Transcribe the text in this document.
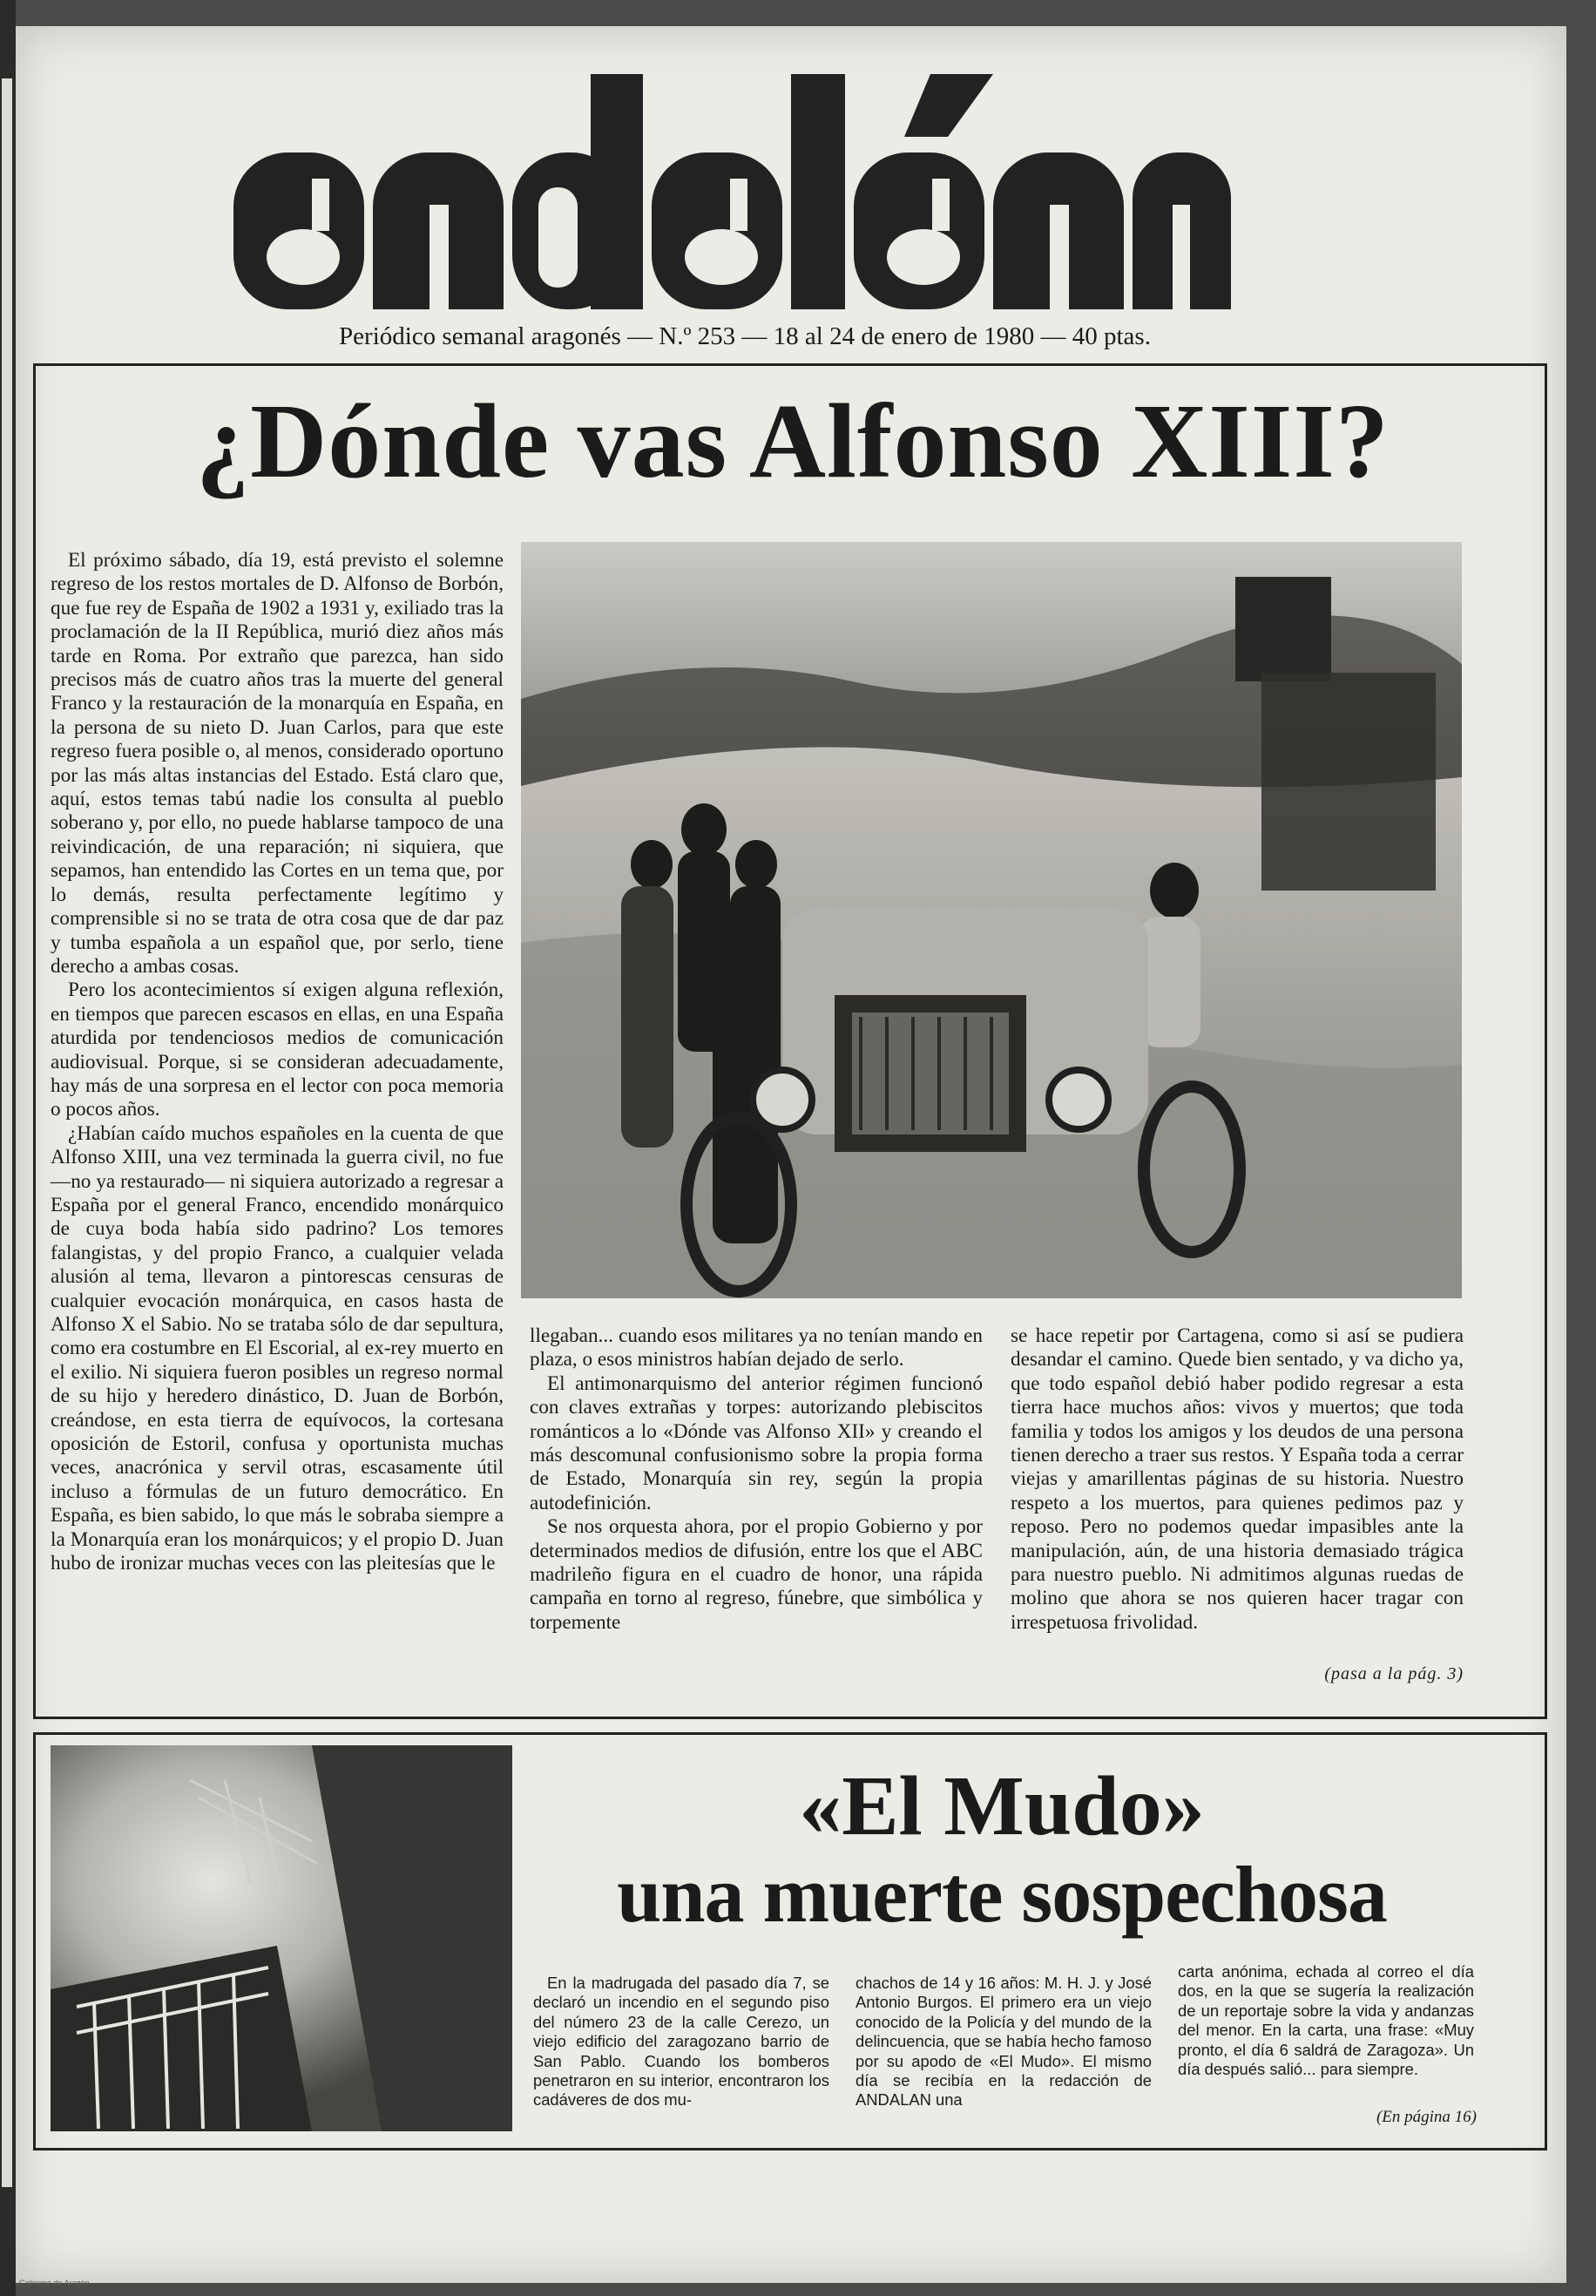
Periódico semanal aragonés — N.º 253 — 18 al 24 de enero de 1980 — 40 ptas.
¿Dónde vas Alfonso XIII?

El próximo sábado, día 19, está previsto el solemne regreso de los restos mortales de D. Alfonso de Borbón, que fue rey de España de 1902 a 1931 y, exiliado tras la proclamación de la II República, murió diez años más tarde en Roma. Por extraño que parezca, han sido precisos más de cuatro años tras la muerte del general Franco y la restauración de la monarquía en España, en la persona de su nieto D. Juan Carlos, para que este regreso fuera posible o, al menos, considerado oportuno por las más altas instancias del Estado. Está claro que, aquí, estos temas tabú nadie los consulta al pueblo soberano y, por ello, no puede hablarse tampoco de una reivindicación, de una reparación; ni siquiera, que sepamos, han entendido las Cortes en un tema que, por lo demás, resulta perfectamente legítimo y comprensible si no se trata de otra cosa que de dar paz y tumba española a un español que, por serlo, tiene derecho a ambas cosas.

Pero los acontecimientos sí exigen alguna reflexión, en tiempos que parecen escasos en ellas, en una España aturdida por tendenciosos medios de comunicación audiovisual. Porque, si se consideran adecuadamente, hay más de una sorpresa en el lector con poca memoria o pocos años.

¿Habían caído muchos españoles en la cuenta de que Alfonso XIII, una vez terminada la guerra civil, no fue —no ya restaurado— ni siquiera autorizado a regresar a España por el general Franco, encendido monárquico de cuya boda había sido padrino? Los temores falangistas, y del propio Franco, a cualquier velada alusión al tema, llevaron a pintorescas censuras de cualquier evocación monárquica, en casos hasta de Alfonso X el Sabio. No se trataba sólo de dar sepultura, como era costumbre en El Escorial, al ex-rey muerto en el exilio. Ni siquiera fueron posibles un regreso normal de su hijo y heredero dinástico, D. Juan de Borbón, creándose, en esta tierra de equívocos, la cortesana oposición de Estoril, confusa y oportunista muchas veces, anacrónica y servil otras, escasamente útil incluso a fórmulas de un futuro democrático. En España, es bien sabido, lo que más le sobraba siempre a la Monarquía eran los monárquicos; y el propio D. Juan hubo de ironizar muchas veces con las pleitesías que le

llegaban... cuando esos militares ya no tenían mando en plaza, o esos ministros habían dejado de serlo.

El antimonarquismo del anterior régimen funcionó con claves extrañas y torpes: autorizando plebiscitos románticos a lo «Dónde vas Alfonso XII» y creando el más descomunal confusionismo sobre la propia forma de Estado, Monarquía sin rey, según la propia autodefinición.

Se nos orquesta ahora, por el propio Gobierno y por determinados medios de difusión, entre los que el ABC madrileño figura en el cuadro de honor, una rápida campaña en torno al regreso, fúnebre, que simbólica y torpemente

se hace repetir por Cartagena, como si así se pudiera desandar el camino. Quede bien sentado, y va dicho ya, que todo español debió haber podido regresar a esta tierra hace muchos años: vivos y muertos; que toda familia y todos los amigos y los deudos de una persona tienen derecho a traer sus restos. Y España toda a cerrar viejas y amarillentas páginas de su historia. Nuestro respeto a los muertos, para quienes pedimos paz y reposo. Pero no podemos quedar impasibles ante la manipulación, aún, de una historia demasiado trágica para nuestro pueblo. Ni admitimos algunas ruedas de molino que ahora se nos quieren hacer tragar con irrespetuosa frivolidad.

(pasa a la pág. 3)
«El Mudo»
una muerte sospechosa
En la madrugada del pasado día 7, se declaró un incendio en el segundo piso del número 23 de la calle Cerezo, un viejo edificio del zaragozano barrio de San Pablo. Cuando los bomberos penetraron en su interior, encontraron los cadáveres de dos mu-
chachos de 14 y 16 años: M. H. J. y José Antonio Burgos. El primero era un viejo conocido de la Policía y del mundo de la delincuencia, que se había hecho famoso por su apodo de «El Mudo». El mismo día se recibía en la redacción de ANDALAN una
carta anónima, echada al correo el día dos, en la que se sugería la realización de un reportaje sobre la vida y andanzas del menor. En la carta, una frase: «Muy pronto, el día 6 saldrá de Zaragoza». Un día después salió... para siempre.
(En página 16)
Gobierno de Aragón
